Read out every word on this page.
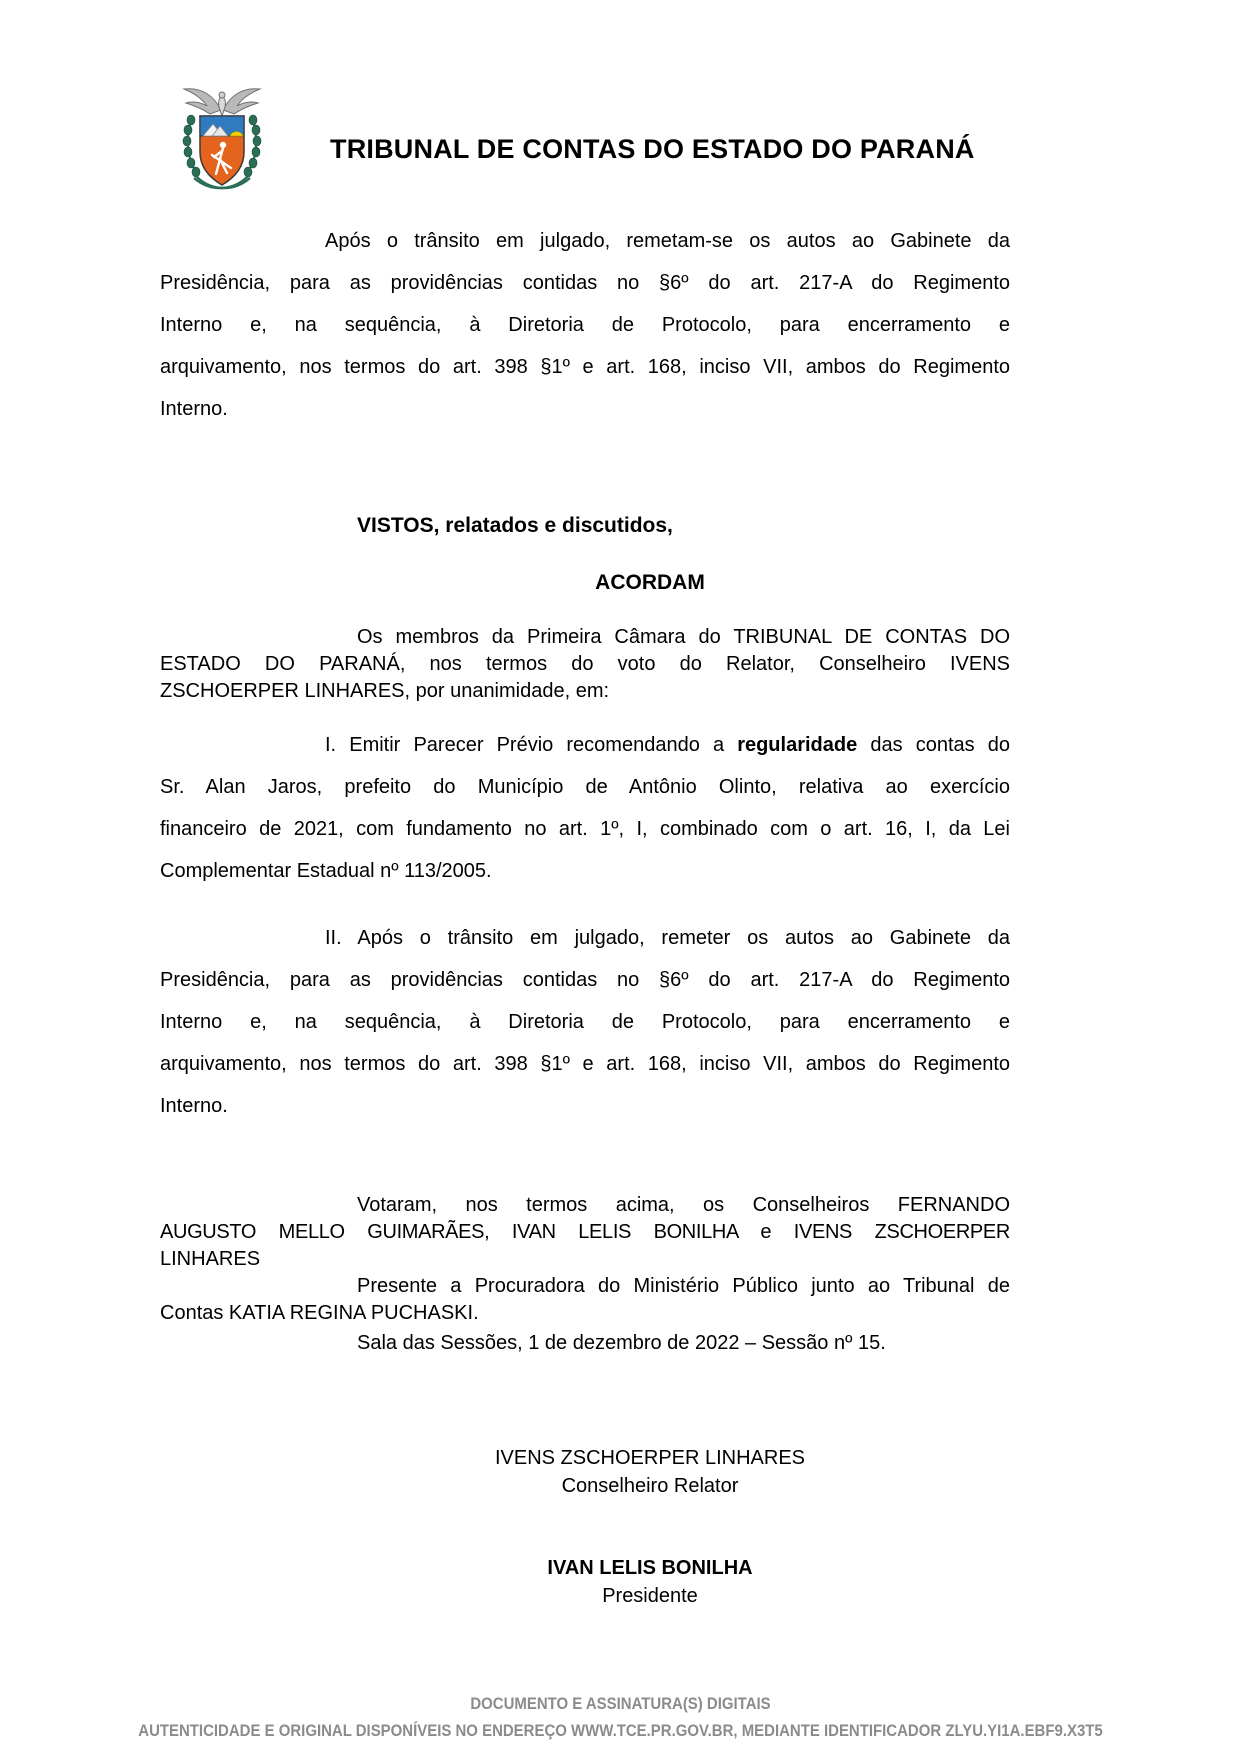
TRIBUNAL DE CONTAS DO ESTADO DO PARANÁ
Após o trânsito em julgado, remetam-se os autos ao Gabinete da
Presidência, para as providências contidas no §6º do art. 217-A do Regimento
Interno e, na sequência, à Diretoria de Protocolo, para encerramento e
arquivamento, nos termos do art. 398 §1º e art. 168, inciso VII, ambos do Regimento
Interno.
VISTOS, relatados e discutidos,
ACORDAM
Os membros da Primeira Câmara do TRIBUNAL DE CONTAS DO
ESTADO DO PARANÁ, nos termos do voto do Relator, Conselheiro IVENS
ZSCHOERPER LINHARES, por unanimidade, em:
I. Emitir Parecer Prévio recomendando a regularidade das contas do
Sr. Alan Jaros, prefeito do Município de Antônio Olinto, relativa ao exercício
financeiro de 2021, com fundamento no art. 1º, I, combinado com o art. 16, I, da Lei
Complementar Estadual nº 113/2005.
II. Após o trânsito em julgado, remeter os autos ao Gabinete da
Presidência, para as providências contidas no §6º do art. 217-A do Regimento
Interno e, na sequência, à Diretoria de Protocolo, para encerramento e
arquivamento, nos termos do art. 398 §1º e art. 168, inciso VII, ambos do Regimento
Interno.
Votaram, nos termos acima, os Conselheiros FERNANDO
AUGUSTO MELLO GUIMARÃES, IVAN LELIS BONILHA e IVENS ZSCHOERPER
LINHARES
Presente a Procuradora do Ministério Público junto ao Tribunal de
Contas KATIA REGINA PUCHASKI.
Sala das Sessões, 1 de dezembro de 2022 – Sessão nº 15.
IVENS ZSCHOERPER LINHARES
Conselheiro Relator
IVAN LELIS BONILHA
Presidente
DOCUMENTO E ASSINATURA(S) DIGITAIS
AUTENTICIDADE E ORIGINAL DISPONÍVEIS NO ENDEREÇO WWW.TCE.PR.GOV.BR, MEDIANTE IDENTIFICADOR ZLYU.YI1A.EBF9.X3T5
